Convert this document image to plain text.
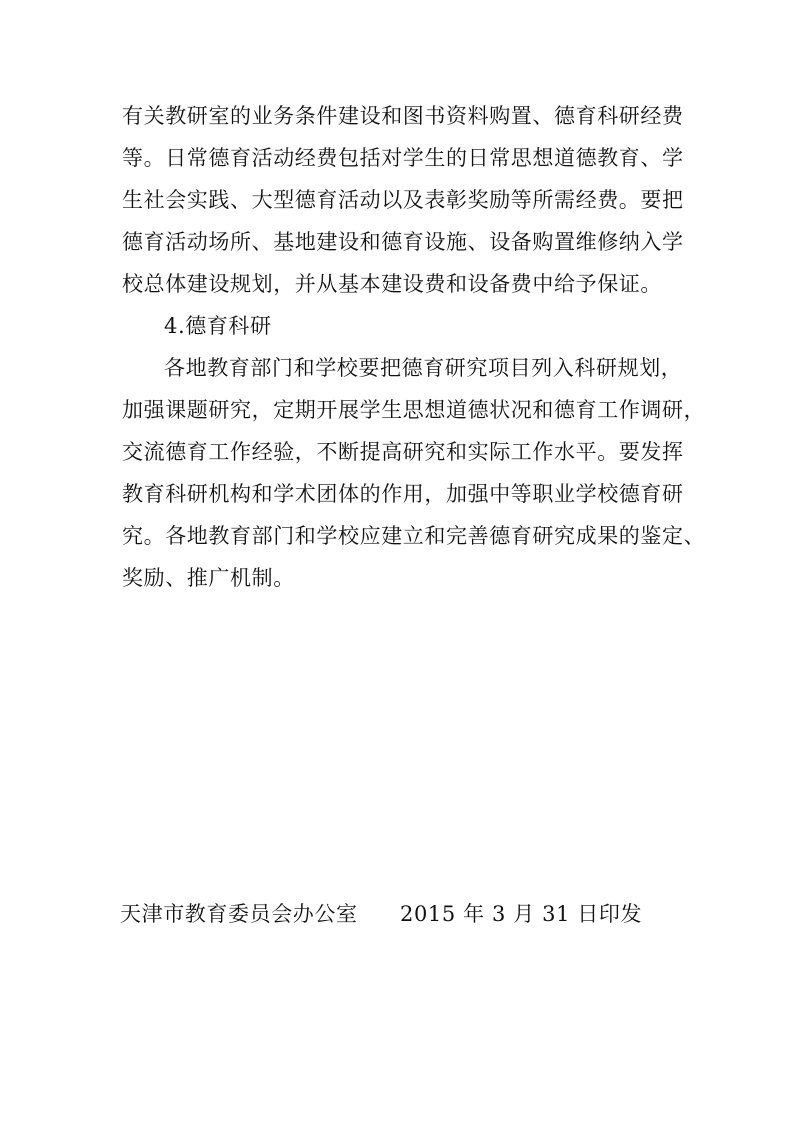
有关教研室的业务条件建设和图书资料购置、德育科研经费
等。日常德育活动经费包括对学生的日常思想道德教育、学
生社会实践、大型德育活动以及表彰奖励等所需经费。要把
德育活动场所、基地建设和德育设施、设备购置维修纳入学
校总体建设规划，并从基本建设费和设备费中给予保证。
4.德育科研
各地教育部门和学校要把德育研究项目列入科研规划，
加强课题研究，定期开展学生思想道德状况和德育工作调研，
交流德育工作经验，不断提高研究和实际工作水平。要发挥
教育科研机构和学术团体的作用，加强中等职业学校德育研
究。各地教育部门和学校应建立和完善德育研究成果的鉴定、
奖励、推广机制。
天津市教育委员会办公室 2015 年 3 月 31 日印发
